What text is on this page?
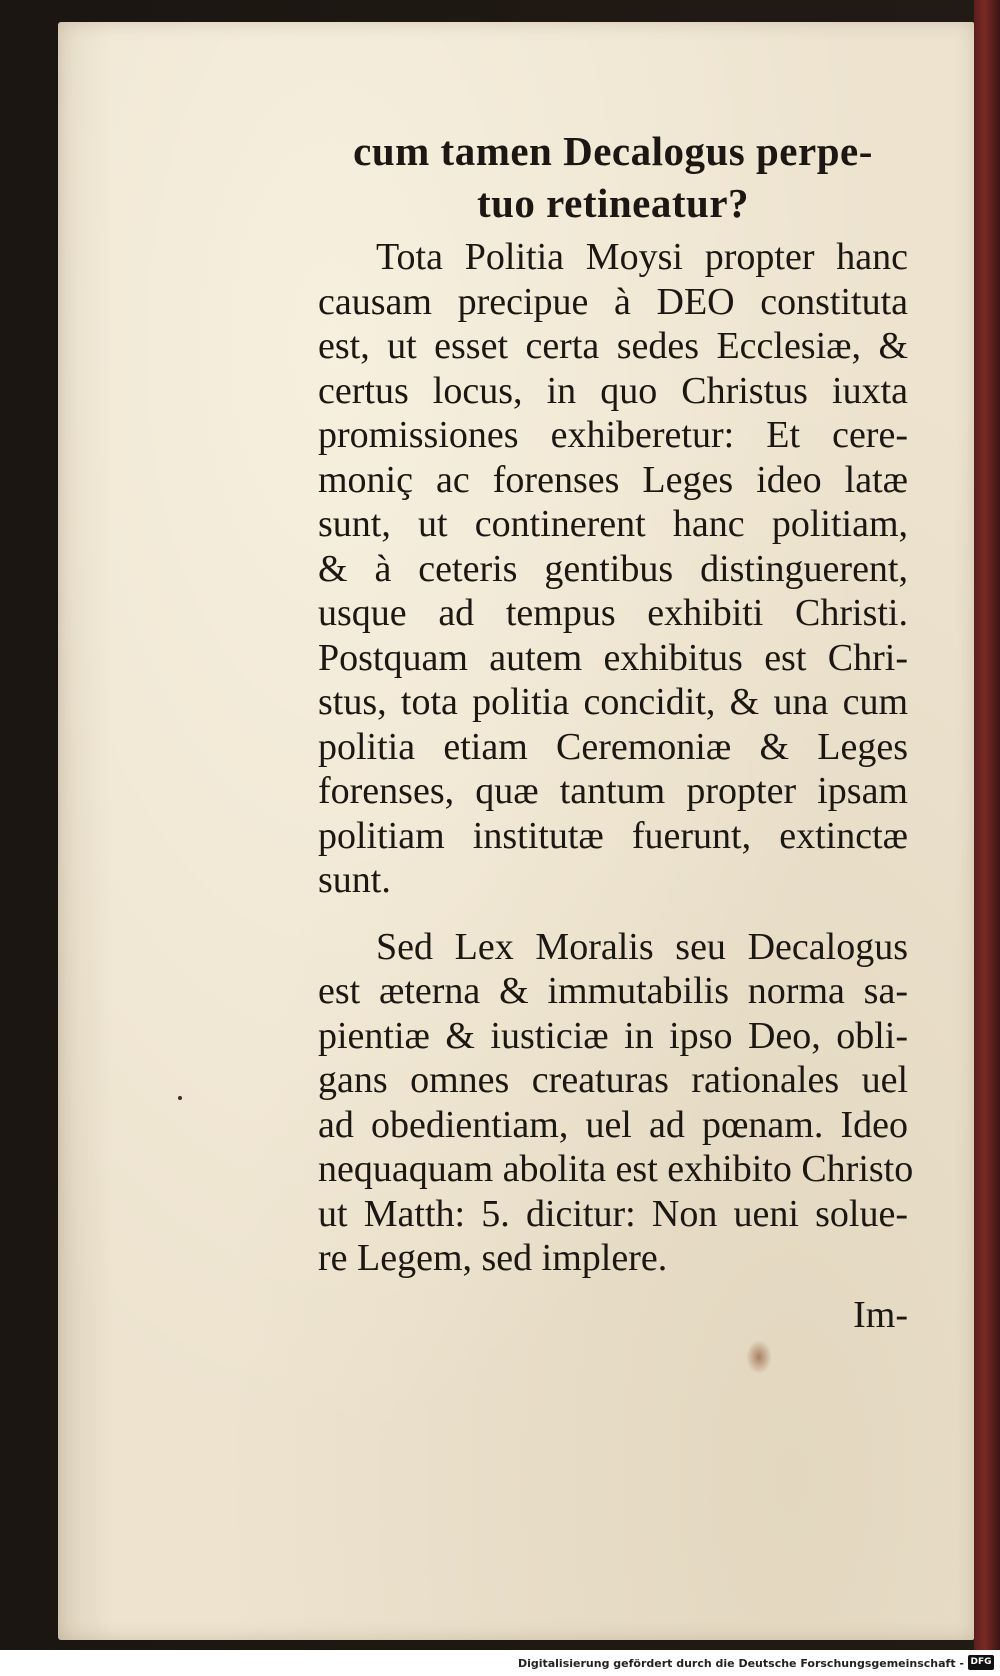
cum tamen Decalogus perpe-
tuo retineatur?
Tota Politia Moysi propter hanc
causam precipue à DEO constituta
est, ut esset certa sedes Ecclesiæ, &
certus locus, in quo Christus iuxta
promissiones exhiberetur: Et cere-
moniç ac forenses Leges ideo latæ
sunt, ut continerent hanc politiam,
& à ceteris gentibus distinguerent,
usque ad tempus exhibiti Christi.
Postquam autem exhibitus est Chri-
stus, tota politia concidit, & una cum
politia etiam Ceremoniæ & Leges
forenses, quæ tantum propter ipsam
politiam institutæ fuerunt, extinctæ
sunt.
Sed Lex Moralis seu Decalogus
est æterna & immutabilis norma sa-
pientiæ & iusticiæ in ipso Deo, obli-
gans omnes creaturas rationales uel
ad obedientiam, uel ad pœnam. Ideo
nequaquam abolita est exhibito Christo
ut Matth: 5. dicitur: Non ueni solue-
re Legem, sed implere.
Im-
Digitalisierung gefördert durch die Deutsche Forschungsgemeinschaft - DFG
